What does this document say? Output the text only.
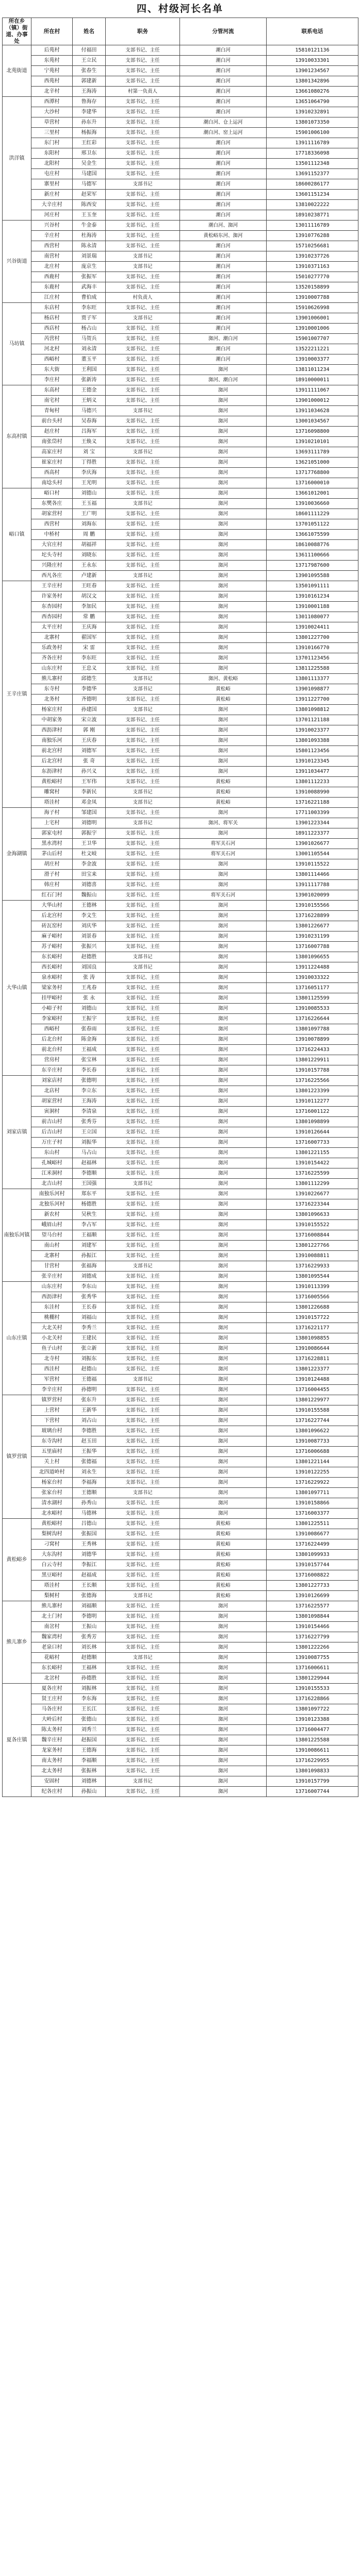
四、村级河长名单
所在乡（镇）街道、办事处	所在村	姓名	职务	分管河流	联系电话
北苑街道	后苑村	付福田	支部书记、主任	潮白河	15810121136
	东苑村	王立民	支部书记、主任	潮白河	13910033301
	宁苑村	张春生	支部书记、主任	潮白河	13901234567
	西苑村	郭建新	支部书记、主任	潮白河	13801342896
	北辛村	王海涛	村第一负责人	潮白河	13661080276
洪洋镇	西潭村	鲁海存	支部书记、主任	潮白河	13651064790
	大沙村	李建华	支部书记、主任	潮白河	13910232891
	草营村	孙东升	支部书记、主任	潮白河、仓上运河	13801073350
	三里村	杨振海	支部书记、主任	潮白河、窑上运河	15901006100
	东门村	王红彩	支部书记、主任	潮白河	13911116789
	东阳村	邢卫东	支部书记、主任	潮白河	17718336098
	北阳村	吴金生	支部书记、主任	潮白河	13501112348
	屯庄村	马建国	支部书记、主任	潮白河	13691152377
	寨里村	马德军	支部书记	潮白河	18600286177
	新庄村	赵荣军	支部书记、主任	潮白河	13601151234
	大辛庄村	陈西安	支部书记、主任	潮白河	13810022222
	河庄村	王玉奎	支部书记、主任	潮白河	18910238771
兴谷街道	兴谷村	牛金泰	支部书记、主任	潮白河、洳河	13011116789
	辛庄村	杜海涛	支部书记、主任	黄松峪东河、洳河	13910776288
	西营村	陈永清	支部书记、主任	潮白河	15710256681
	南营村	刘景瑞	支部书记	潮白河	13910237726
	北庄村	庞京生	支部书记	潮白河	13910371163
	西鹿村	张振军	支部书记、主任	潮白河	15010277770
	东鹿村	武海丰	支部书记、主任	潮白河	13520158899
	江庄村	曹伯成	村负责人	潮白河	13910007788
马坊镇	东店村	李东旺	支部书记、主任	潮白河	15910626998
	杨店村	贾子军	支部书记	潮白河	13901006001
	西店村	杨占山	支部书记、主任	潮白河	13910001006
	芮营村	马贺兵	支部书记、主任	洳河、潮白河	15901007707
	河北村	刘永清	支部书记、主任	潮白河	13522211221
	西峪村	董玉平	支部书记、主任	潮白河	13910003377
	东大街	王利国	支部书记、主任	洳河	13811011234
	李庄村	张新涛	支部书记、主任	洳河、潮白河	18910000011
东高村镇	东高村	王德金	支部书记、主任	洳河	13911111067
	南宅村	王炳义	支部书记、主任	洳河	13901000012
	青甸村	马德兴	支部书记	洳河	13911034628
	前台头村	吴春海	支部书记、主任	洳河	13001034567
	赵庄村	吕海军	支部书记、主任	洳河	13716098800
	南张岱村	王焕义	支部书记、主任	洳河	13910210101
	高家庄村	刘 宝	支部书记	洳河	13693111789
	崔家庄村	丁得胜	支部书记、主任	洳河	13621051000
	西高村	李庆海	支部书记、主任	洳河	13717768800
	南埝头村	王光明	支部书记、主任	洳河	13716000010
峪口镇	峪口村	刘德山	支部书记、主任	洳河	13661012001
	东樊各庄	王玉福	支部书记	洳河	13910036660
	胡家营村	王广明	支部书记、主任	洳河	18601111229
	西营村	刘海东	支部书记、主任	洳河	13701051122
	中桥村	周 鹏	支部书记、主任	洳河	13661075599
	大官庄村	胡福祥	支部书记、主任	洳河	18610088776
	坨头寺村	刘晓东	支部书记、主任	洳河	13611100666
	兴隆庄村	王永东	支部书记、主任	洳河	13717987600
	西凡各庄	卢建新	支部书记	洳河	13901095588
王辛庄镇	王辛庄村	王旺春	支部书记、主任	洳河	13501091111
	许家务村	胡汉文	支部书记、主任	洳河	13910161234
	东杏园村	李加民	支部书记、主任	洳河	13910001188
	西杏园村	常 鹏	支部书记、主任	洳河	13011080077
	太平庄村	王庆海	支部书记、主任	洳河	13910024411
	北寨村	翟国军	支部书记、主任	洳河	13801227700
	乐政务村	宋 雷	支部书记、主任	洳河	13910166770
	齐各庄村	李东旺	支部书记、主任	洳河	13701123456
	山东庄村	王忠义	支部书记、主任	洳河	13811225588
	熊儿寨村	邱德生	支部书记	洳河、黄松峪	13801113377
	东寺村	李德华	支部书记	黄松峪	13901098877
	北务村	齐德明	支部书记、主任	黄松峪	13911227700
	杨家庄村	孙建国	支部书记	洳河	13801098812
	中胡家务	宋立波	支部书记、主任	洳河	13701121188
	西沥津村	郭 刚	支部书记、主任	洳河	13910023377
	南独乐河	王庆春	支部书记、主任	洳河	13801093388
	前北宫村	刘德军	支部书记、主任	洳河	15801123456
	后北宫村	张 奇	支部书记、主任	洳河	13910123345
	东沥津村	孙兴义	支部书记、主任	洳河	13911034477
	黄松峪村	王军伟	支部书记、主任	黄松峪	13801112233
	雕窝村	李新民	支部书记	黄松峪	13910088990
	塔洼村	邓金凤	支部书记	黄松峪	13716221188
金海湖镇	海子村	邹建国	支部书记、主任	洳河	17711003399
	上宅村	刘德明	支部书记	洳河、将军关	13901223344
	郭家屯村	郭振宇	支部书记、主任	洳河	18911223377
	黑水湾村	王卫华	支部书记、主任	将军关石河	13901026677
	茅山后村	杜文岐	支部书记、主任	将军关石河	13001105544
	胡庄村	李金波	支部书记、主任	洳河	13910115522
	滑子村	田宝来	支部书记、主任	洳河	13801114466
	韩庄村	刘德喜	支部书记、主任	洳河	13911117788
	红石门村	魏振山	支部书记、主任	将军关石河	13901020099
大华山镇	大华山村	王德林	支部书记、主任	洳河	13910155566
	后北宫村	李文生	支部书记、主任	洳河	13716228899
	砖瓦窑村	刘庆华	支部书记、主任	洳河	13801226677
	麻子峪村	刘景春	支部书记、主任	洳河	13910231199
	苏子峪村	张振兴	支部书记、主任	洳河	13716007788
	东长峪村	赵德胜	支部书记	洳河	13801096655
	西长峪村	刘国良	支部书记	洳河	13911224488
	泉水峪村	张 涛	支部书记、主任	洳河	13910033322
	梁家务村	王兆春	支部书记、主任	洳河	13716051177
	挂甲峪村	张 永	支部书记、主任	洳河	13801125599
	小峪子村	刘德山	支部书记、主任	洳河	13910085533
	李家峪村	王振宇	支部书记、主任	洳河	13716226644
	西峪村	张春雨	支部书记、主任	洳河	13801097788
	后北台村	陈金海	支部书记、主任	洳河	13910078899
	前北台村	王福成	支部书记、主任	洳河	13716224433
	营房村	张宝林	支部书记、主任	洳河	13801229911
	东辛庄村	李长春	支部书记、主任	洳河	13910157788
刘家店镇	刘家店村	张德明	支部书记、主任	洳河	13716225566
	北店村	李立东	支部书记、主任	洳河	13801223399
	胡家营村	王海涛	支部书记、主任	洳河	13910112277
	寅洞村	李清泉	支部书记、主任	洳河	13716001122
	前吉山村	张秀芬	支部书记、主任	洳河	13801098899
	后吉山村	王立国	支部书记、主任	洳河	13910126644
	万庄子村	刘振华	支部书记、主任	洳河	13716007733
	东山村	马占山	支部书记、主任	洳河	13801221155
	孔城峪村	赵福林	支部书记、主任	洳河	13910154422
	江米洞村	李德顺	支部书记、主任	洳河	13716225599
	北吉山村	王国强	支部书记	洳河	13801112299
南独乐河镇	南独乐河村	郑东平	支部书记、主任	洳河	13910226677
	北独乐河村	杨德胜	支部书记、主任	洳河	13716223344
	新农村	吴秋生	支部书记、主任	洳河	13801096633
	峨眉山村	李占军	支部书记、主任	洳河	13910155522
	望马台村	王福顺	支部书记、主任	洳河	13716008844
	南山村	刘建军	支部书记、主任	洳河	13801227766
	北寨村	孙振江	支部书记、主任	洳河	13910088811
	甘营村	张福海	支部书记	洳河	13716229933
	张辛庄村	刘德成	支部书记、主任	洳河	13801095544
山东庄镇	山东庄村	李东山	支部书记、主任	洳河	13910113399
	西沥津村	张秀华	支部书记、主任	洳河	13716005566
	东洼村	王长春	支部书记、主任	洳河	13801226688
	桃棚村	刘福山	支部书记、主任	洳河	13910157722
	大北关村	李秀兰	支部书记、主任	洳河	13716221177
	小北关村	王建民	支部书记、主任	洳河	13801098855
	鱼子山村	张立新	支部书记、主任	洳河	13910086644
	北寺村	刘振东	支部书记、主任	洳河	13716228811
	西洼村	赵德山	支部书记、主任	洳河	13801223377
	军营村	王德福	支部书记	洳河	13910124488
	李辛庄村	孙德明	支部书记、主任	洳河	13716004455
镇罗营镇	镇罗营村	张东升	支部书记、主任	洳河	13801229977
	上营村	王新华	支部书记、主任	洳河	13910155588
	下营村	刘占山	支部书记、主任	洳河	13716227744
	玻璃台村	李德胜	支部书记、主任	洳河	13801096622
	东寺沟村	赵玉田	支部书记、主任	洳河	13910087733
	五里庙村	王振华	支部书记、主任	洳河	13716006688
	关上村	张德福	支部书记、主任	洳河	13801221144
	北四道岭村	刘永生	支部书记、主任	洳河	13910122255
	杨家台村	李福海	支部书记、主任	洳河	13716229922
	张家台村	王德顺	支部书记	洳河	13801097711
	清水湖村	孙秀山	支部书记、主任	洳河	13910158866
	北水峪村	马德林	支部书记、主任	洳河	13716003377
黄松峪乡	黄松峪村	吕德山	支部书记、主任	黄松峪	13801225511
	梨树沟村	张振国	支部书记、主任	黄松峪	13910086677
	刁窝村	王秀林	支部书记、主任	黄松峪	13716224499
	大东沟村	刘德华	支部书记、主任	黄松峪	13801099933
	白云寺村	李振江	支部书记、主任	黄松峪	13910157744
	黑豆峪村	赵福成	支部书记、主任	黄松峪	13716008822
	塔洼村	王长顺	支部书记、主任	黄松峪	13801227733
	梨树村	张德海	支部书记	黄松峪	13910126699
熊儿寨乡	熊儿寨村	刘福顺	支部书记、主任	洳河	13716225577
	北土门村	李德明	支部书记、主任	洳河	13801098844
	南岔村	王振山	支部书记、主任	洳河	13910154466
	魏家湾村	张秀芳	支部书记、主任	洳河	13716227799
	老泉口村	刘长林	支部书记、主任	洳河	13801222266
	花峪村	赵德顺	支部书记	洳河	13910087755
	东长峪村	王福林	支部书记、主任	洳河	13716006611
	北岔村	孙德胜	支部书记、主任	洳河	13801229944
夏各庄镇	夏各庄村	刘振林	支部书记、主任	洳河	13910155533
	贤王庄村	李东海	支部书记、主任	洳河	13716228866
	马各庄村	王长江	支部书记、主任	洳河	13801097722
	大岭后村	张德山	支部书记、主任	洳河	13910123388
	陈太务村	刘秀兰	支部书记、主任	洳河	13716004477
	魏辛庄村	赵振国	支部书记、主任	洳河	13801225588
	龙家务村	王德海	支部书记、主任	洳河	13910086611
	南太务村	李福顺	支部书记、主任	洳河	13716229955
	北太务村	张振林	支部书记、主任	洳河	13801098833
	安固村	刘德林	支部书记	洳河	13910157799
	纪各庄村	孙振山	支部书记、主任	洳河	13716007744
